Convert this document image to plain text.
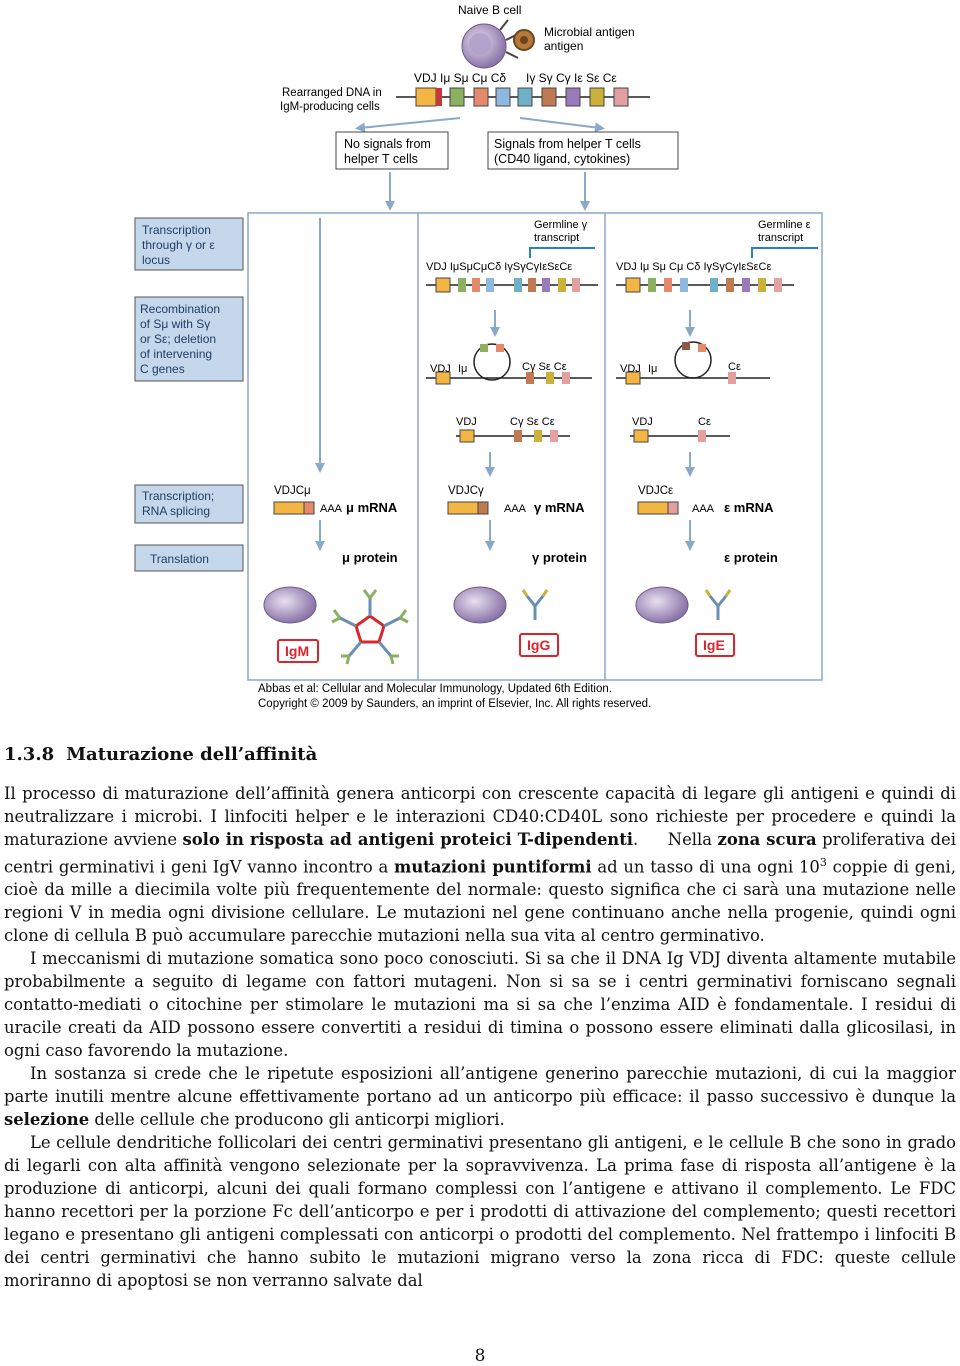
Naive B cell
Microbial antigen
antigen
Rearranged DNA in
IgM-producing cells
VDJ Iμ Sμ Cμ Cδ Iγ Sγ Cγ Iε Sε Cε
No signals from
helper T cells
Signals from helper T cells
(CD40 ligand, cytokines)
Transcription
through γ or ε
locus
Recombination
of Sμ with Sγ
or Sε; deletion
of intervening
C genes
Transcription;
RNA splicing
Translation
Germline γ
transcript
VDJ IμSμCμCδ IγSγCγIεSεCε
Germline ε
transcript
VDJ Iμ Sμ Cμ Cδ IγSγCγIεSεCε
VDJ Iμ	Cγ Sε Cε	VDJ Iμ	Cε
VDJ	Cγ Sε Cε	VDJ	Cε
VDJCμ
AAA μ mRNA
VDJCγ
AAA γ mRNA
VDJCε
AAA ε mRNA
μ protein	γ protein	ε protein
IgM	IgG	IgE
Abbas et al: Cellular and Molecular Immunology, Updated 6th Edition.
Copyright © 2009 by Saunders, an imprint of Elsevier, Inc. All rights reserved.
1.3.8 Maturazione dell’affinità

Il processo di maturazione dell’affinità genera anticorpi con crescente capacità di legare gli antigeni e quindi di neutralizzare i microbi. I linfociti helper e le interazioni CD40:CD40L sono richieste per procedere e quindi la maturazione avviene solo in risposta ad antigeni proteici T-dipendenti. Nella zona scura proliferativa dei centri germinativi i geni IgV vanno incontro a mutazioni puntiformi ad un tasso di una ogni $10^3$ coppie di geni, cioè da mille a diecimila volte più frequentemente del normale: questo significa che ci sarà una mutazione nelle regioni V in media ogni divisione cellulare. Le mutazioni nel gene continuano anche nella progenie, quindi ogni clone di cellula B può accumulare parecchie mutazioni nella sua vita al centro germinativo.

I meccanismi di mutazione somatica sono poco conosciuti. Si sa che il DNA Ig VDJ diventa altamente mutabile probabilmente a seguito di legame con fattori mutageni. Non si sa se i centri germinativi forniscano segnali contatto-mediati o citochine per stimolare le mutazioni ma si sa che l’enzima AID è fondamentale. I residui di uracile creati da AID possono essere convertiti a residui di timina o possono essere eliminati dalla glicosilasi, in ogni caso favorendo la mutazione.

In sostanza si crede che le ripetute esposizioni all’antigene generino parecchie mutazioni, di cui la maggior parte inutili mentre alcune effettivamente portano ad un anticorpo più efficace: il passo successivo è dunque la selezione delle cellule che producono gli anticorpi migliori.

Le cellule dendritiche follicolari dei centri germinativi presentano gli antigeni, e le cellule B che sono in grado di legarli con alta affinità vengono selezionate per la sopravvivenza. La prima fase di risposta all’antigene è la produzione di anticorpi, alcuni dei quali formano complessi con l’antigene e attivano il complemento. Le FDC hanno recettori per la porzione Fc dell’anticorpo e per i prodotti di attivazione del complemento; questi recettori legano e presentano gli antigeni complessati con anticorpi o prodotti del complemento. Nel frattempo i linfociti B dei centri germinativi che hanno subito le mutazioni migrano verso la zona ricca di FDC: queste cellule moriranno di apoptosi se non verranno salvate dal

8
